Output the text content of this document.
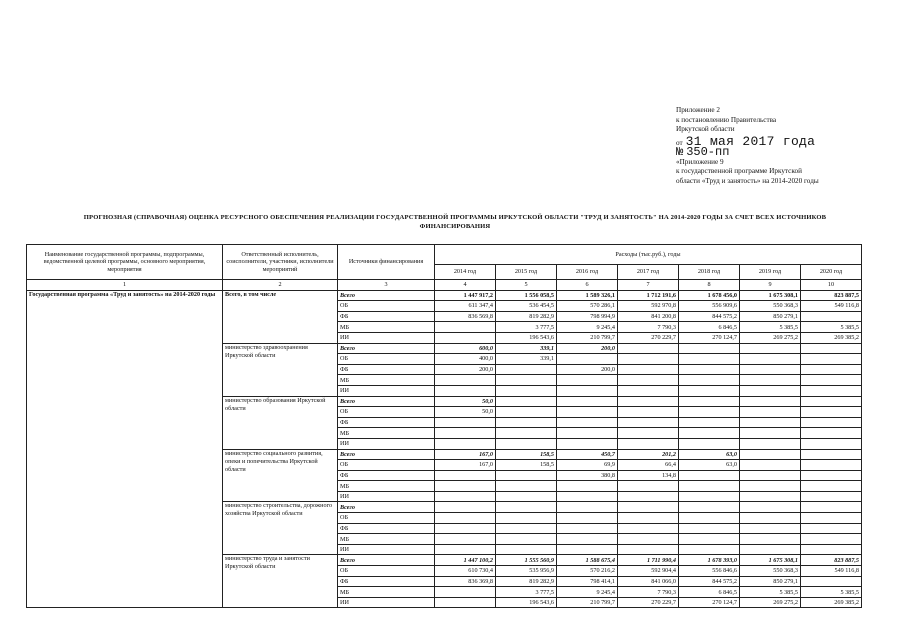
Приложение 2
к постановлению Правительства
Иркутской области
от 31 мая 2017 года
№ 350-пп
«Приложение 9
к государственной программе Иркутской
области «Труд и занятость» на 2014-2020 годы
ПРОГНОЗНАЯ (СПРАВОЧНАЯ) ОЦЕНКА РЕСУРСНОГО ОБЕСПЕЧЕНИЯ РЕАЛИЗАЦИИ ГОСУДАРСТВЕННОЙ ПРОГРАММЫ ИРКУТСКОЙ ОБЛАСТИ "ТРУД И ЗАНЯТОСТЬ" НА 2014-2020 ГОДЫ ЗА СЧЕТ ВСЕХ ИСТОЧНИКОВ
ФИНАНСИРОВАНИЯ
Наименование государственной программы, подпрограммы, ведомственной целевой программы, основного мероприятия, мероприятия	Ответственный исполнитель, соисполнители, участники, исполнители мероприятий	Источники финансирования	Расходы (тыс.руб.), годы						
			2014 год	2015 год	2016 год	2017 год	2018 год	2019 год	2020 год
1	2	3	4	5	6	7	8	9	10
Государственная программа «Труд и занятость» на 2014-2020 годы	Всего, в том числе	Всего	1 447 917,2	1 556 058,5	1 589 326,1	1 712 191,6	1 678 456,0	1 675 308,1	823 887,5
		ОБ	611 347,4	536 454,5	570 286,1	592 970,8	556 909,6	550 368,3	549 116,8
		ФБ	836 569,8	819 282,9	798 994,9	841 200,8	844 575,2	850 279,1	
		МБ		3 777,5	9 245,4	7 790,3	6 846,5	5 385,5	5 385,5
		ИИ		196 543,6	210 799,7	270 229,7	270 124,7	269 275,2	269 385,2
	министерство здравоохранения Иркутской области	Всего	600,0	339,1	200,0				
		ОБ	400,0	339,1					
		ФБ	200,0		200,0				
		МБ							
		ИИ							
	министерство образования Иркутской области	Всего	50,0						
		ОБ	50,0						
		ФБ							
		МБ							
		ИИ							
	министерство социального развития, опеки и попечительства Иркутской области	Всего	167,0	158,5	450,7	201,2	63,0		
		ОБ	167,0	158,5	69,9	66,4	63,0		
		ФБ			380,8	134,8			
		МБ							
		ИИ							
	министерство строительства, дорожного хозяйства Иркутской области	Всего							
		ОБ							
		ФБ							
		МБ							
		ИИ							
	министерство труда и занятости Иркутской области	Всего	1 447 100,2	1 555 560,9	1 588 675,4	1 711 990,4	1 678 393,0	1 675 308,1	823 887,5
		ОБ	610 730,4	535 956,9	570 216,2	592 904,4	556 846,6	550 368,3	549 116,8
		ФБ	836 369,8	819 282,9	798 414,1	841 066,0	844 575,2	850 279,1	
		МБ		3 777,5	9 245,4	7 790,3	6 846,5	5 385,5	5 385,5
		ИИ		196 543,6	210 799,7	270 229,7	270 124,7	269 275,2	269 385,2
